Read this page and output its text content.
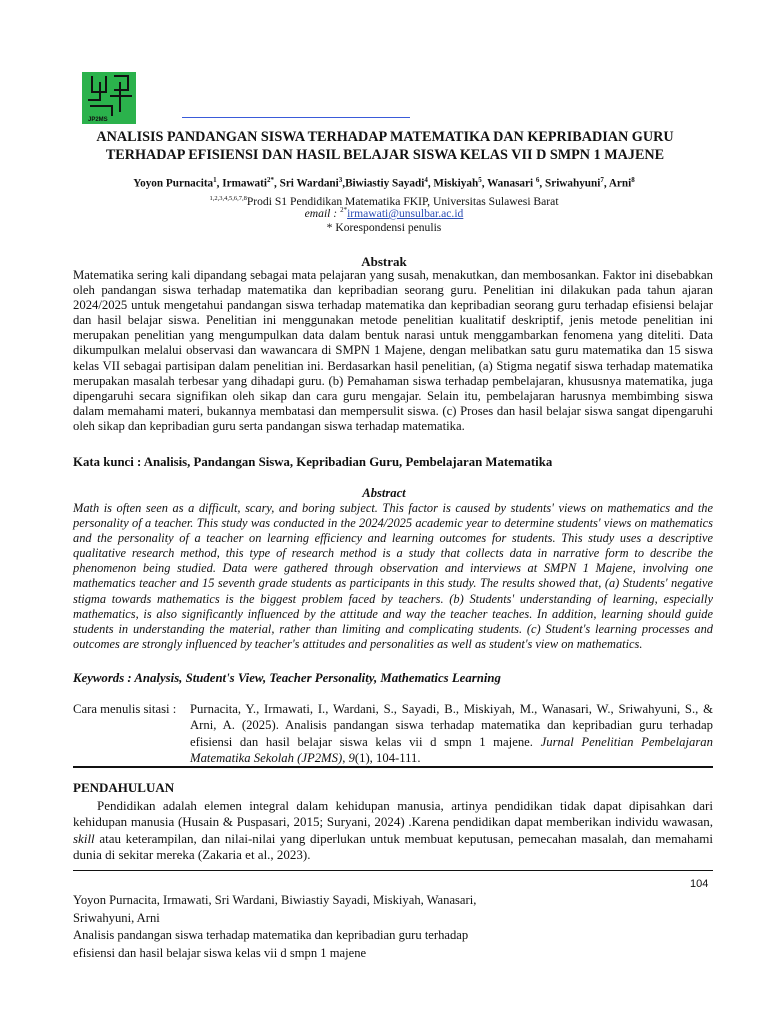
JP2MS
ANALISIS PANDANGAN SISWA TERHADAP MATEMATIKA DAN KEPRIBADIAN GURU TERHADAP EFISIENSI DAN HASIL BELAJAR SISWA KELAS VII D SMPN 1 MAJENE
Yoyon Purnacita$^1$, Irmawati$^{2*}$, Sri Wardani$^3$,Biwiastiy Sayadi$^4$, Miskiyah$^5$, Wanasari $^6$, Sriwahyuni$^7$, Arni$^8$
$^{1,2,3,4,5,6,7,8}$Prodi S1 Pendidikan Matematika FKIP, Universitas Sulawesi Barat
email : $^{2*}$irmawati@unsulbar.ac.id
* Korespondensi penulis
Abstrak
Matematika sering kali dipandang sebagai mata pelajaran yang susah, menakutkan, dan membosankan. Faktor ini disebabkan oleh pandangan siswa terhadap matematika dan kepribadian seorang guru. Penelitian ini dilakukan pada tahun ajaran 2024/2025 untuk mengetahui pandangan siswa terhadap matematika dan kepribadian seorang guru terhadap efisiensi belajar dan hasil belajar siswa. Penelitian ini menggunakan metode penelitian kualitatif deskriptif, jenis metode penelitian ini merupakan penelitian yang mengumpulkan data dalam bentuk narasi untuk menggambarkan fenomena yang diteliti. Data dikumpulkan melalui observasi dan wawancara di SMPN 1 Majene, dengan melibatkan satu guru matematika dan 15 siswa kelas VII sebagai partisipan dalam penelitian ini. Berdasarkan hasil penelitian, (a) Stigma negatif siswa terhadap matematika merupakan masalah terbesar yang dihadapi guru. (b) Pemahaman siswa terhadap pembelajaran, khususnya matematika, juga dipengaruhi secara signifikan oleh sikap dan cara guru mengajar. Selain itu, pembelajaran harusnya membimbing siswa dalam memahami materi, bukannya membatasi dan mempersulit siswa. (c) Proses dan hasil belajar siswa sangat dipengaruhi oleh sikap dan kepribadian guru serta pandangan siswa terhadap matematika.
Kata kunci : Analisis, Pandangan Siswa, Kepribadian Guru, Pembelajaran Matematika
Abstract
Math is often seen as a difficult, scary, and boring subject. This factor is caused by students' views on mathematics and the personality of a teacher. This study was conducted in the 2024/2025 academic year to determine students' views on mathematics and the personality of a teacher on learning efficiency and learning outcomes for students. This study uses a descriptive qualitative research method, this type of research method is a study that collects data in narrative form to describe the phenomenon being studied. Data were gathered through observation and interviews at SMPN 1 Majene, involving one mathematics teacher and 15 seventh grade students as participants in this study. The results showed that, (a) Students' negative stigma towards mathematics is the biggest problem faced by teachers. (b) Students' understanding of learning, especially mathematics, is also significantly influenced by the attitude and way the teacher teaches. In addition, learning should guide students in understanding the material, rather than limiting and complicating students. (c) Student's learning processes and outcomes are strongly influenced by teacher's attitudes and personalities as well as student's view on mathematics.
Keywords : Analysis, Student's View, Teacher Personality, Mathematics Learning
Cara menulis sitasi : Purnacita, Y., Irmawati, I., Wardani, S., Sayadi, B., Miskiyah, M., Wanasari, W., Sriwahyuni, S., & Arni, A. (2025). Analisis pandangan siswa terhadap matematika dan kepribadian guru terhadap efisiensi dan hasil belajar siswa kelas vii d smpn 1 majene. Jurnal Penelitian Pembelajaran Matematika Sekolah (JP2MS), 9(1), 104-111.
PENDAHULUAN
Pendidikan adalah elemen integral dalam kehidupan manusia, artinya pendidikan tidak dapat dipisahkan dari kehidupan manusia (Husain & Puspasari, 2015; Suryani, 2024) .Karena pendidikan dapat memberikan individu wawasan, skill atau keterampilan, dan nilai-nilai yang diperlukan untuk membuat keputusan, pemecahan masalah, dan memahami dunia di sekitar mereka (Zakaria et al., 2023).
104
Yoyon Purnacita, Irmawati, Sri Wardani, Biwiastiy Sayadi, Miskiyah, Wanasari,
Sriwahyuni, Arni
Analisis pandangan siswa terhadap matematika dan kepribadian guru terhadap
efisiensi dan hasil belajar siswa kelas vii d smpn 1 majene
